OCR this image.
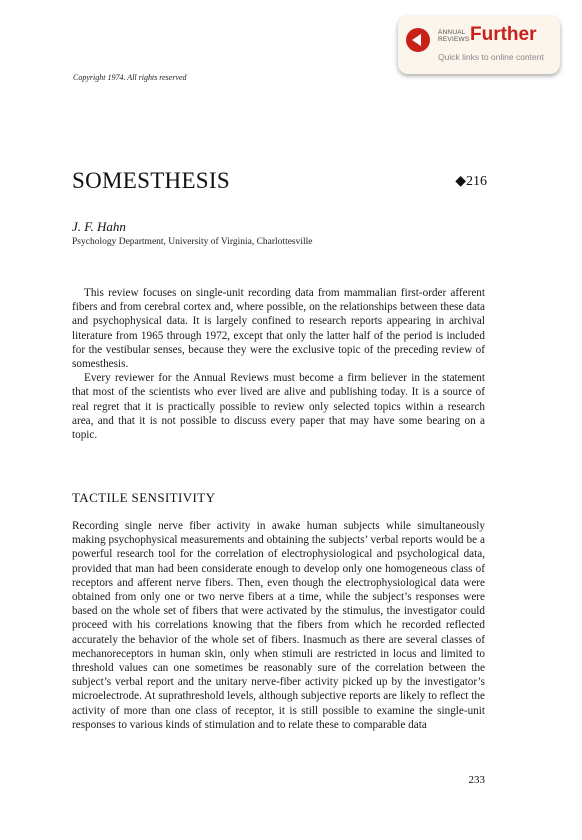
ANNUAL REVIEWS Further
Quick links to online content
Copyright 1974. All rights reserved
SOMESTHESIS	◆216
J. F. Hahn
Psychology Department, University of Virginia, Charlottesville

This review focuses on single-unit recording data from mammalian first-order afferent fibers and from cerebral cortex and, where possible, on the relationships between these data and psychophysical data. It is largely confined to research reports appearing in archival literature from 1965 through 1972, except that only the latter half of the period is included for the vestibular senses, because they were the exclusive topic of the preceding review of somesthesis.

Every reviewer for the Annual Reviews must become a firm believer in the statement that most of the scientists who ever lived are alive and publishing today. It is a source of real regret that it is practically possible to review only selected topics within a research area, and that it is not possible to discuss every paper that may have some bearing on a topic.

TACTILE SENSITIVITY

Recording single nerve fiber activity in awake human subjects while simultaneously making psychophysical measurements and obtaining the subjects’ verbal reports would be a powerful research tool for the correlation of electrophysiological and psychological data, provided that man had been considerate enough to develop only one homogeneous class of receptors and afferent nerve fibers. Then, even though the electrophysiological data were obtained from only one or two nerve fibers at a time, while the subject’s responses were based on the whole set of fibers that were activated by the stimulus, the investigator could proceed with his correlations knowing that the fibers from which he recorded reflected accurately the behavior of the whole set of fibers. Inasmuch as there are several classes of mechanoreceptors in human skin, only when stimuli are restricted in locus and limited to threshold values can one sometimes be reasonably sure of the correlation between the subject’s verbal report and the unitary nerve-fiber activity picked up by the investigator’s microelectrode. At suprathreshold levels, although subjective reports are likely to reflect the activity of more than one class of receptor, it is still possible to examine the single-unit responses to various kinds of stimulation and to relate these to comparable data

233
